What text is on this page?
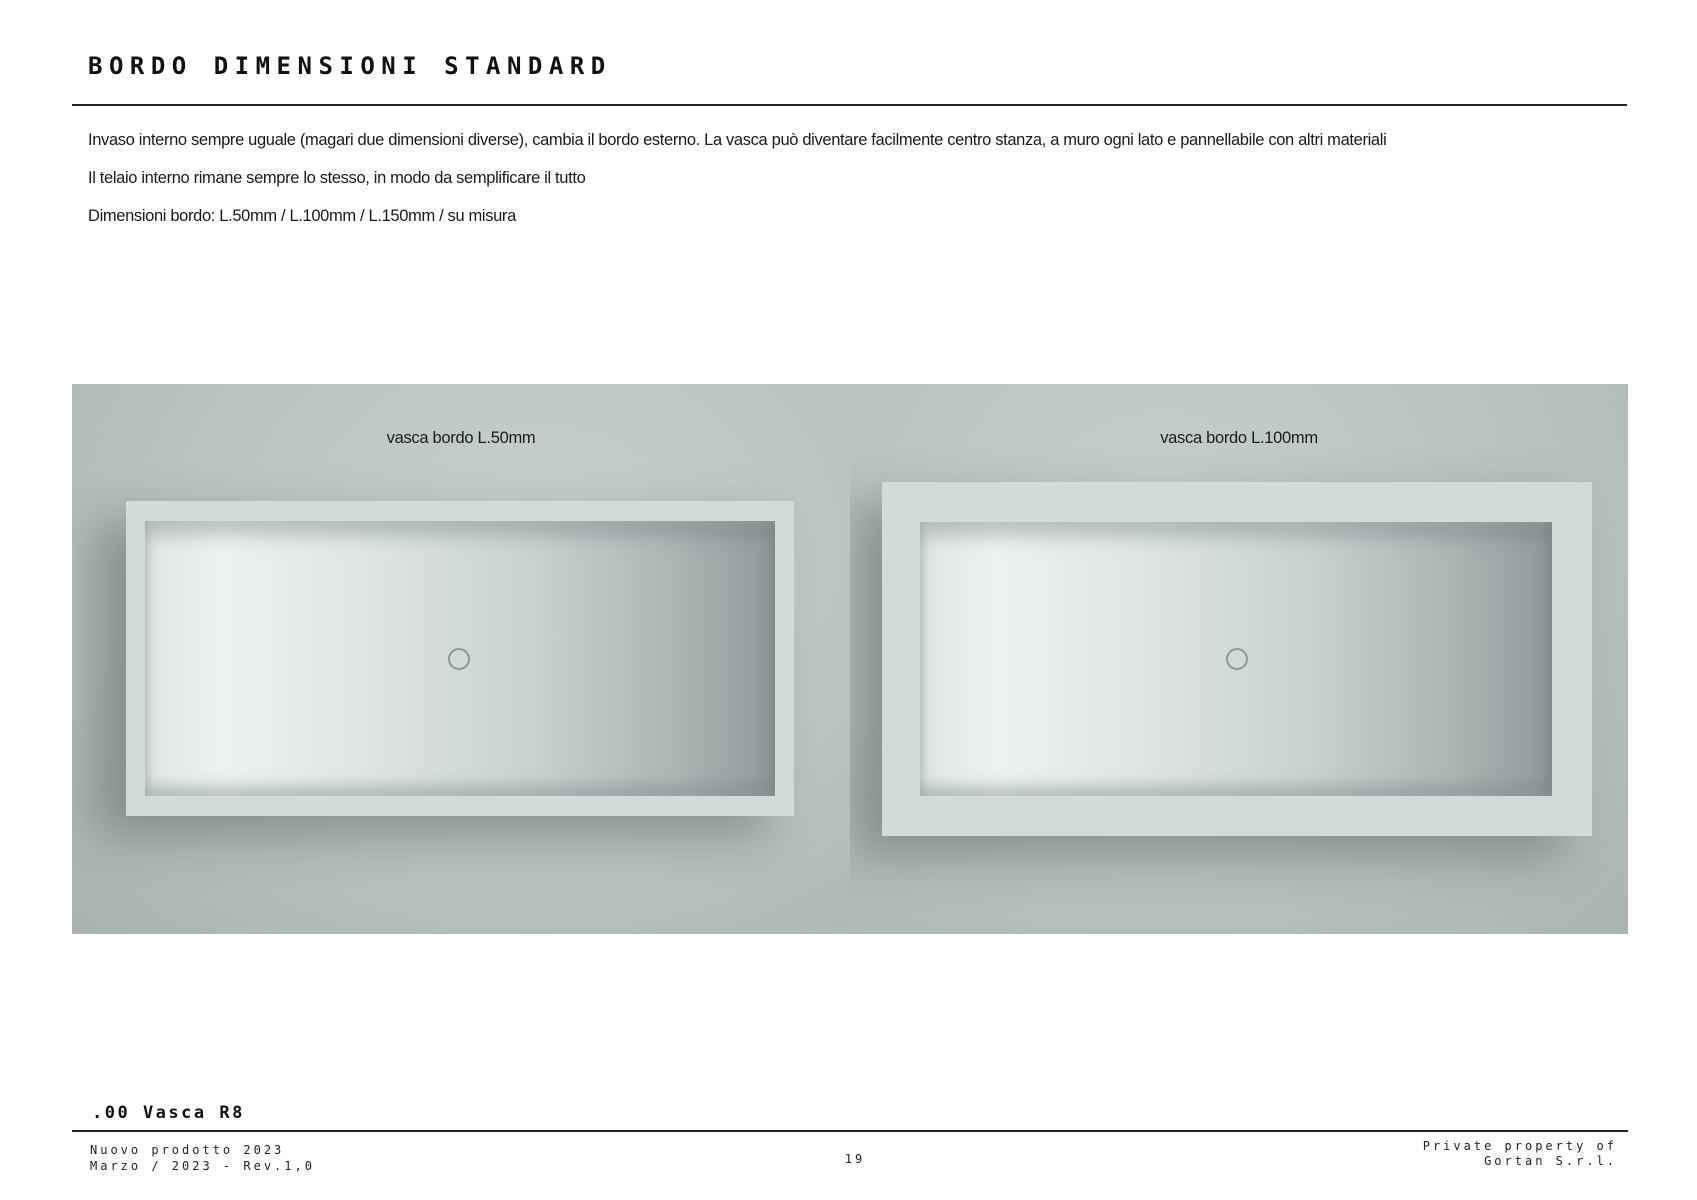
BORDO DIMENSIONI STANDARD

Invaso interno sempre uguale (magari due dimensioni diverse), cambia il bordo esterno. La vasca può diventare facilmente centro stanza, a muro ogni lato e pannellabile con altri materiali

Il telaio interno rimane sempre lo stesso, in modo da semplificare il tutto

Dimensioni bordo: L.50mm / L.100mm / L.150mm / su misura

vasca bordo L.50mm	vasca bordo L.100mm
.00 Vasca R8
Nuovo prodotto 2023
Marzo / 2023 - Rev.1,0	19
Private property of
Gortan S.r.l.
